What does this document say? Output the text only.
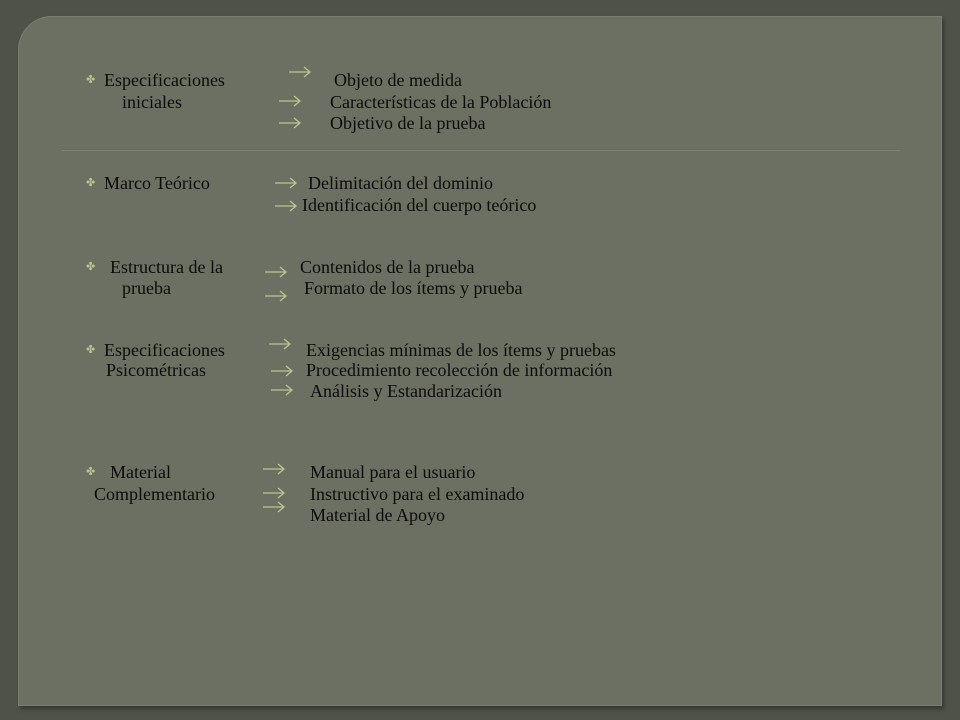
✤ Especificaciones
iniciales
Objeto de medida
Características de la Población
Objetivo de la prueba
✤ Marco Teórico	Delimitación del dominio
Identificación del cuerpo teórico
✤ Estructura de la
prueba
Contenidos de la prueba
Formato de los ítems y prueba
✤ Especificaciones
Psicométricas
Exigencias mínimas de los ítems y pruebas
Procedimiento recolección de información
Análisis y Estandarización
✤ Material
Complementario
Manual para el usuario
Instructivo para el examinado
Material de Apoyo
